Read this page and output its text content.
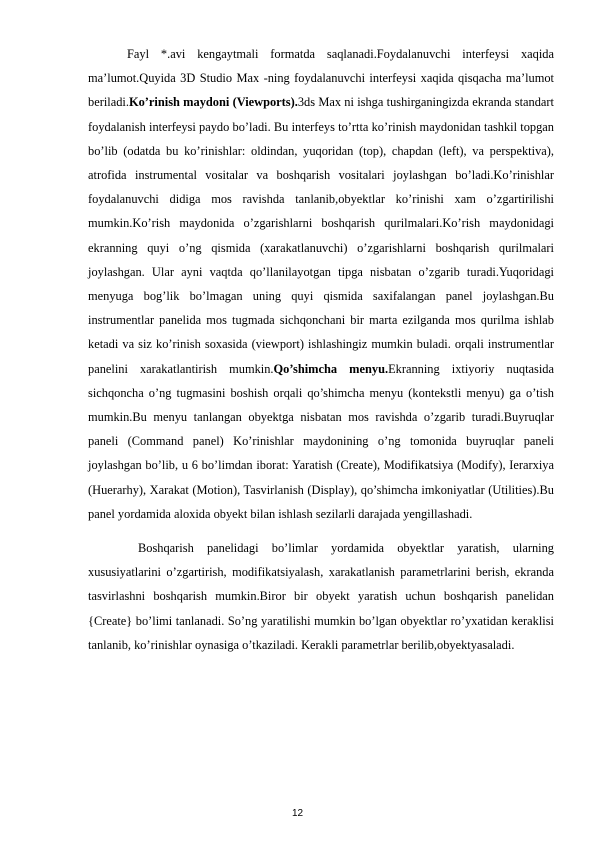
Fayl *.avi kengaytmali formatda saqlanadi.Foydalanuvchi interfeysi xaqida ma’lumot.Quyida 3D Studio Max -ning foydalanuvchi interfeysi xaqida qisqacha ma’lumot beriladi.Ko’rinish maydoni (Viewports).3ds Max ni ishga tushirganingizda ekranda standart foydalanish interfeysi paydo bo’ladi. Bu interfeys to’rtta ko’rinish maydonidan tashkil topgan bo’lib (odatda bu ko’rinishlar: oldindan, yuqoridan (top), chapdan (left), va perspektiva), atrofida instrumental vositalar va boshqarish vositalari joylashgan bo’ladi.Ko’rinishlar foydalanuvchi didiga mos ravishda tanlanib,obyektlar ko’rinishi xam o’zgartirilishi mumkin.Ko’rish maydonida o’zgarishlarni boshqarish qurilmalari.Ko’rish maydonidagi ekranning quyi o’ng qismida (xarakatlanuvchi) o’zgarishlarni boshqarish qurilmalari joylashgan. Ular ayni vaqtda qo’llanilayotgan tipga nisbatan o’zgarib turadi.Yuqoridagi menyuga bog’lik bo’lmagan uning quyi qismida saxifalangan panel joylashgan.Bu instrumentlar panelida mos tugmada sichqonchani bir marta ezilganda mos qurilma ishlab ketadi va siz ko’rinish soxasida (viewport) ishlashingiz mumkin buladi. orqali instrumentlar panelini xarakatlantirish mumkin.Qo’shimcha menyu.Ekranning ixtiyoriy nuqtasida sichqoncha o’ng tugmasini boshish orqali qo’shimcha menyu (kontekstli menyu) ga o’tish mumkin.Bu menyu tanlangan obyektga nisbatan mos ravishda o’zgarib turadi.Buyruqlar paneli (Command panel) Ko’rinishlar maydonining o’ng tomonida buyruqlar paneli joylashgan bo’lib, u 6 bo’limdan iborat: Yaratish (Create), Modifikatsiya (Modify), Ierarxiya (Huerarhy), Xarakat (Motion), Tasvirlanish (Display), qo’shimcha imkoniyatlar (Utilities).Bu panel yordamida aloxida obyekt bilan ishlash sezilarli darajada yengillashadi.

Boshqarish panelidagi bo’limlar yordamida obyektlar yaratish, ularning xususiyatlarini o’zgartirish, modifikatsiyalash, xarakatlanish parametrlarini berish, ekranda tasvirlashni boshqarish mumkin.Biror bir obyekt yaratish uchun boshqarish panelidan {Create} bo’limi tanlanadi. So’ng yaratilishi mumkin bo’lgan obyektlar ro’yxatidan keraklisi tanlanib, ko’rinishlar oynasiga o’tkaziladi. Kerakli parametrlar berilib,obyektyasaladi.

12
